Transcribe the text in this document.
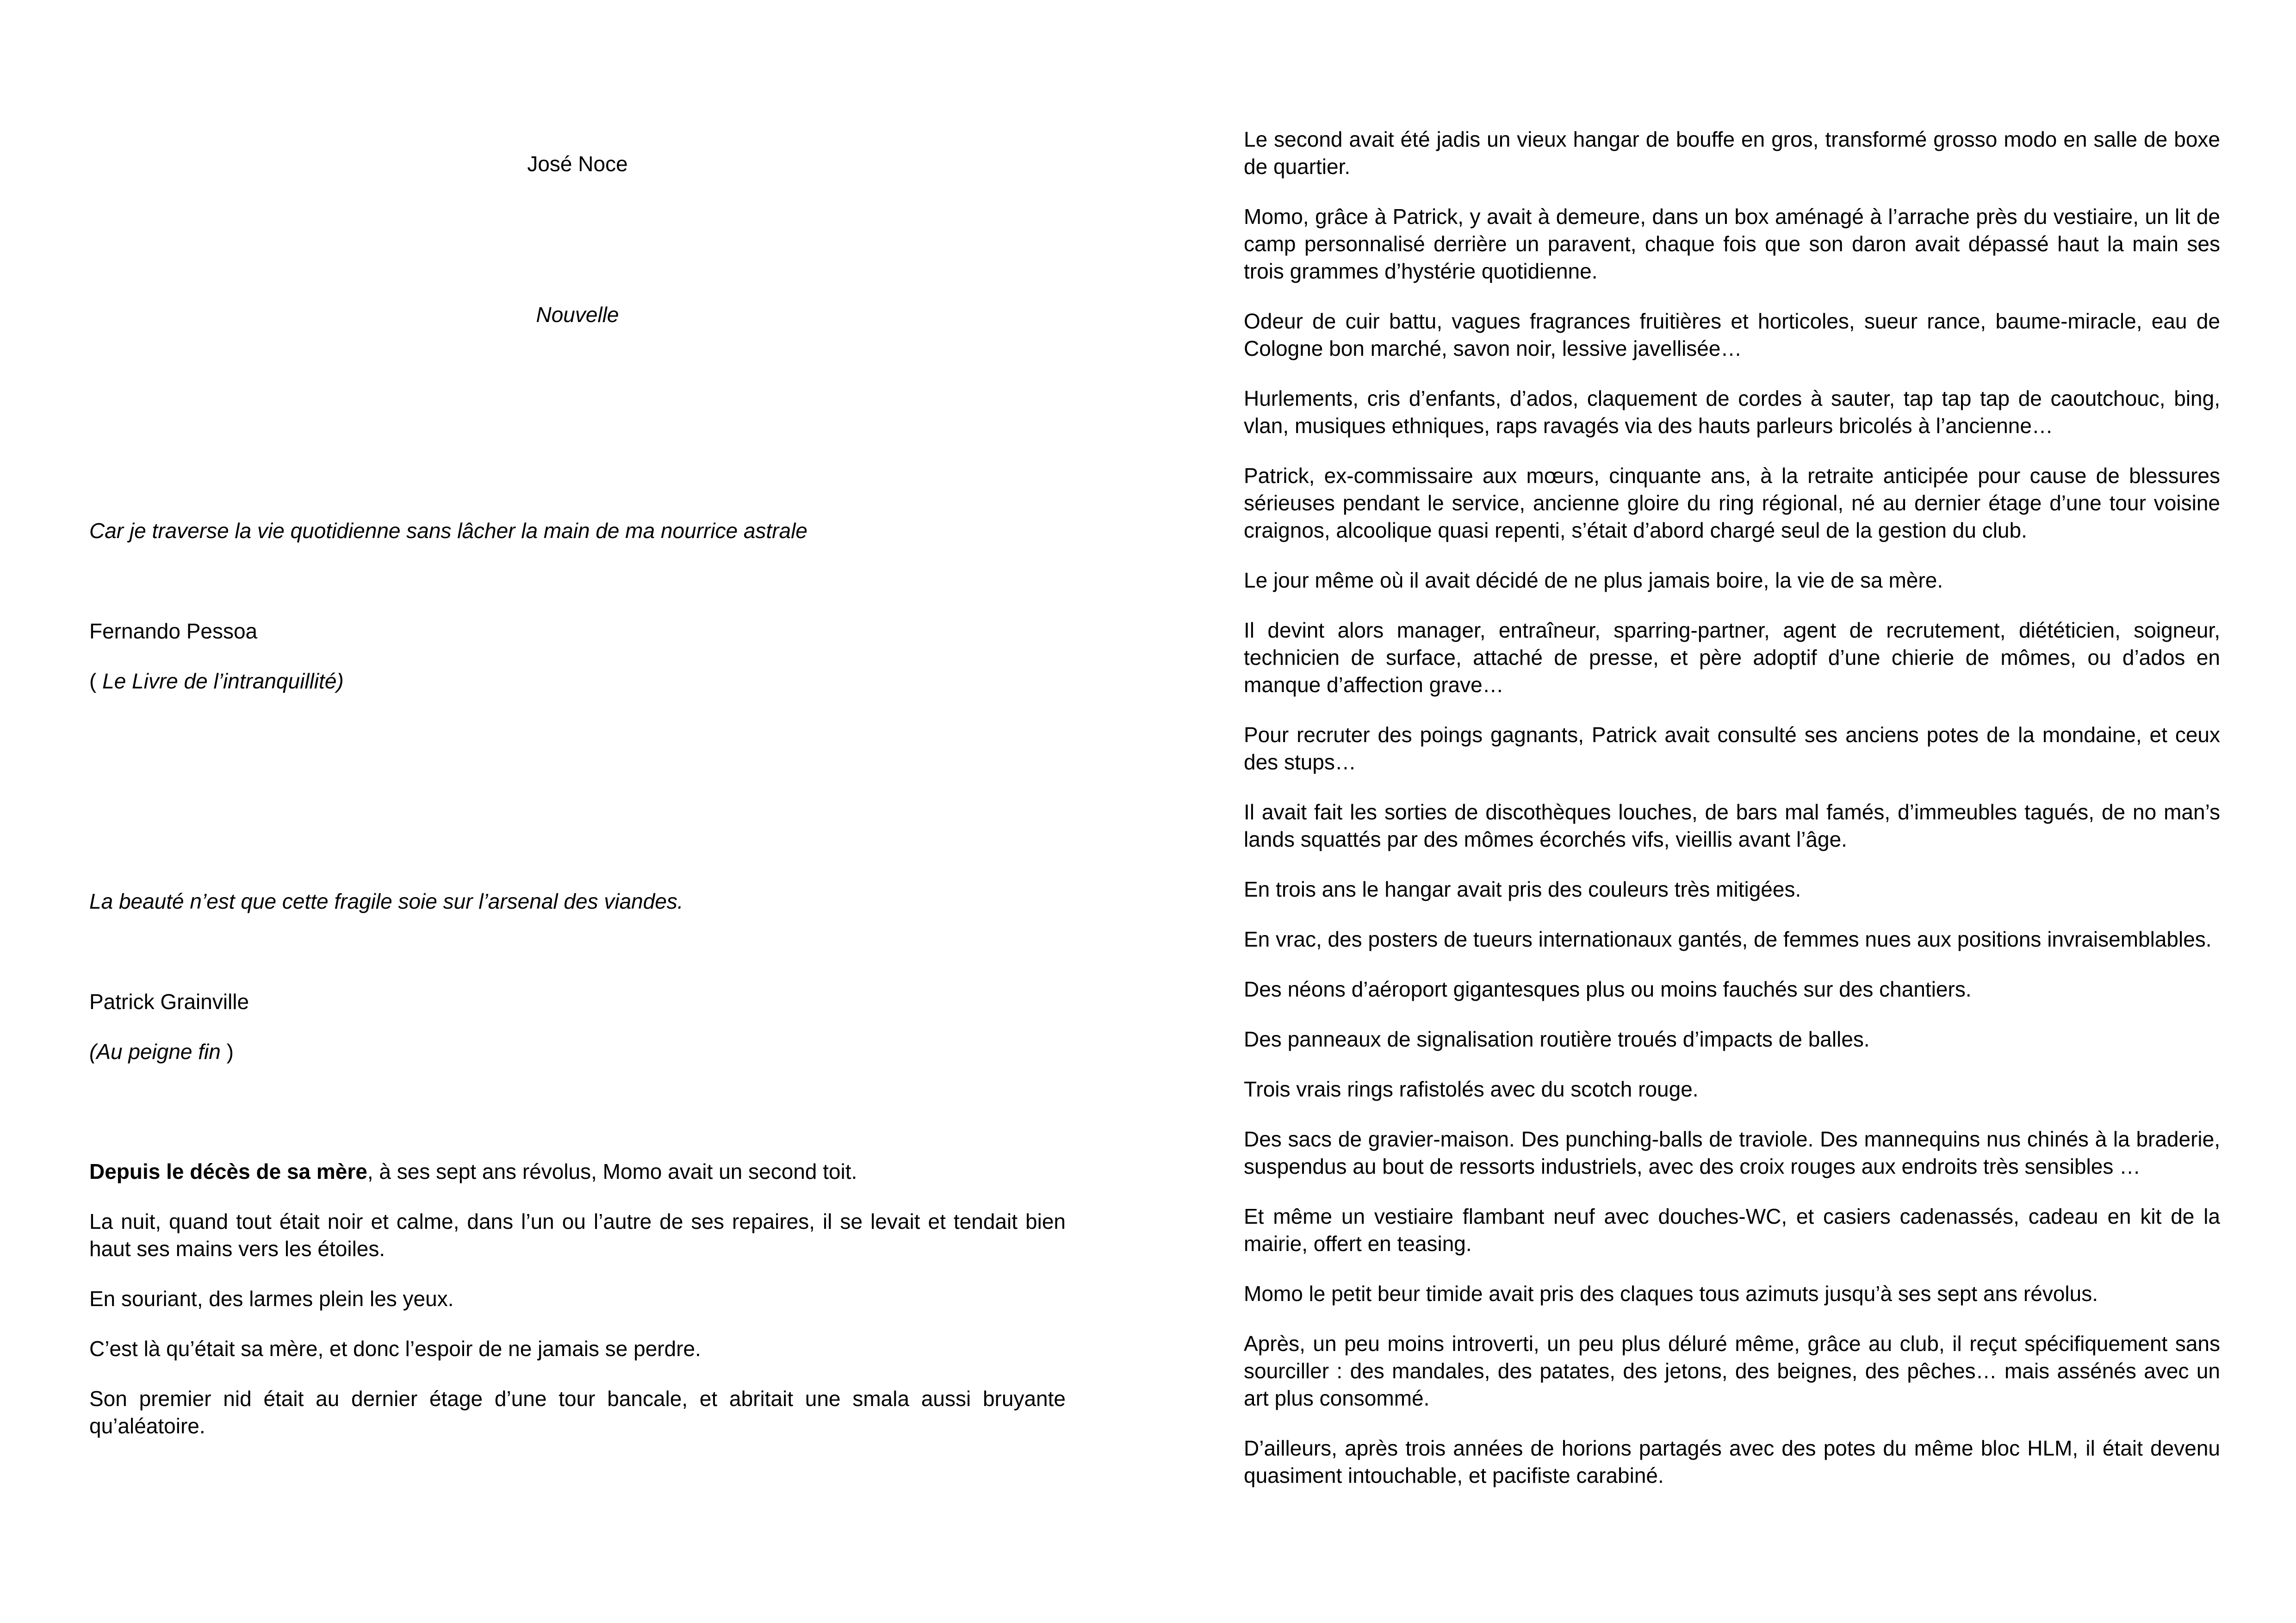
José Noce

Nouvelle

Car je traverse la vie quotidienne sans lâcher la main de ma nourrice astrale

Fernando Pessoa

( Le Livre de l’intranquillité)

La beauté n’est que cette fragile soie sur l’arsenal des viandes.

Patrick Grainville

(Au peigne fin )

Depuis le décès de sa mère, à ses sept ans révolus, Momo avait un second toit.

La nuit, quand tout était noir et calme, dans l’un ou l’autre de ses repaires, il se levait et tendait bien haut ses mains vers les étoiles.

En souriant, des larmes plein les yeux.

C’est là qu’était sa mère, et donc l’espoir de ne jamais se perdre.

Son premier nid était au dernier étage d’une tour bancale, et abritait une smala aussi bruyante qu’aléatoire.

Le second avait été jadis un vieux hangar de bouffe en gros, transformé grosso modo en salle de boxe de quartier.

Momo, grâce à Patrick, y avait à demeure, dans un box aménagé à l’arrache près du vestiaire, un lit de camp personnalisé derrière un paravent, chaque fois que son daron avait dépassé haut la main ses trois grammes d’hystérie quotidienne.

Odeur de cuir battu, vagues fragrances fruitières et horticoles, sueur rance, baume-miracle, eau de Cologne bon marché, savon noir, lessive javellisée…

Hurlements, cris d’enfants, d’ados, claquement de cordes à sauter, tap tap tap de caoutchouc, bing, vlan, musiques ethniques, raps ravagés via des hauts parleurs bricolés à l’ancienne…

Patrick, ex-commissaire aux mœurs, cinquante ans, à la retraite anticipée pour cause de blessures sérieuses pendant le service, ancienne gloire du ring régional, né au dernier étage d’une tour voisine craignos, alcoolique quasi repenti, s’était d’abord chargé seul de la gestion du club.

Le jour même où il avait décidé de ne plus jamais boire, la vie de sa mère.

Il devint alors manager, entraîneur, sparring-partner, agent de recrutement, diététicien, soigneur, technicien de surface, attaché de presse, et père adoptif d’une chierie de mômes, ou d’ados en manque d’affection grave…

Pour recruter des poings gagnants, Patrick avait consulté ses anciens potes de la mondaine, et ceux des stups…

Il avait fait les sorties de discothèques louches, de bars mal famés, d’immeubles tagués, de no man’s lands squattés par des mômes écorchés vifs, vieillis avant l’âge.

En trois ans le hangar avait pris des couleurs très mitigées.

En vrac, des posters de tueurs internationaux gantés, de femmes nues aux positions invraisemblables.

Des néons d’aéroport gigantesques plus ou moins fauchés sur des chantiers.

Des panneaux de signalisation routière troués d’impacts de balles.

Trois vrais rings rafistolés avec du scotch rouge.

Des sacs de gravier-maison. Des punching-balls de traviole. Des mannequins nus chinés à la braderie, suspendus au bout de ressorts industriels, avec des croix rouges aux endroits très sensibles …

Et même un vestiaire flambant neuf avec douches-WC, et casiers cadenassés, cadeau en kit de la mairie, offert en teasing.

Momo le petit beur timide avait pris des claques tous azimuts jusqu’à ses sept ans révolus.

Après, un peu moins introverti, un peu plus déluré même, grâce au club, il reçut spécifiquement sans sourciller : des mandales, des patates, des jetons, des beignes, des pêches… mais assénés avec un art plus consommé.

D’ailleurs, après trois années de horions partagés avec des potes du même bloc HLM, il était devenu quasiment intouchable, et pacifiste carabiné.
